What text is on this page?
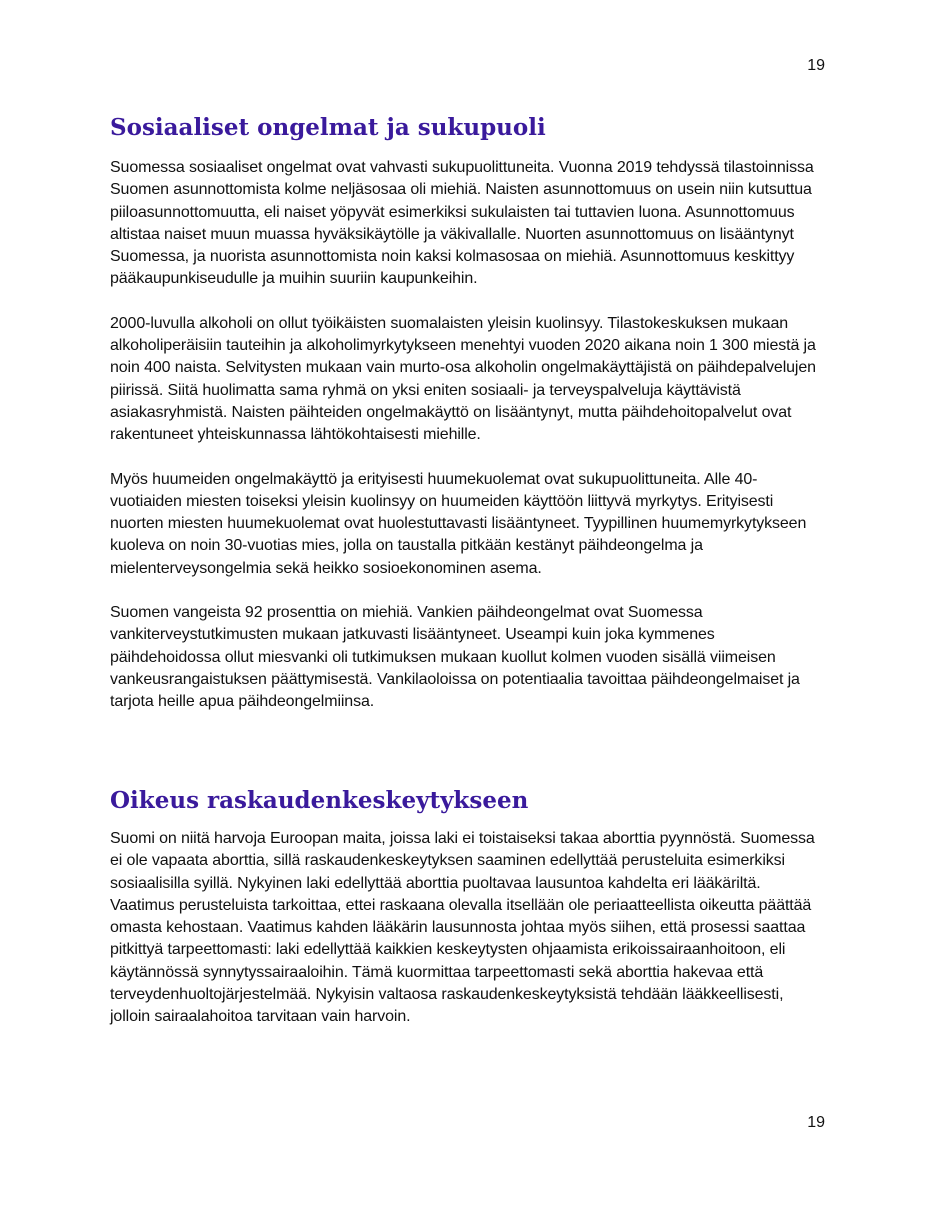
19
Sosiaaliset ongelmat ja sukupuoli

Suomessa sosiaaliset ongelmat ovat vahvasti sukupuolittuneita. Vuonna 2019 tehdyssä tilastoinnissa Suomen asunnottomista kolme neljäsosaa oli miehiä. Naisten asunnottomuus on usein niin kutsuttua piiloasunnottomuutta, eli naiset yöpyvät esimerkiksi sukulaisten tai tuttavien luona. Asunnottomuus altistaa naiset muun muassa hyväksikäytölle ja väkivallalle. Nuorten asunnottomuus on lisääntynyt Suomessa, ja nuorista asunnottomista noin kaksi kolmasosaa on miehiä. Asunnottomuus keskittyy pääkaupunkiseudulle ja muihin suuriin kaupunkeihin.

2000-luvulla alkoholi on ollut työikäisten suomalaisten yleisin kuolinsyy. Tilastokeskuksen mukaan alkoholiperäisiin tauteihin ja alkoholimyrkytykseen menehtyi vuoden 2020 aikana noin 1 300 miestä ja noin 400 naista. Selvitysten mukaan vain murto-osa alkoholin ongelmakäyttäjistä on päihdepalvelujen piirissä. Siitä huolimatta sama ryhmä on yksi eniten sosiaali- ja terveyspalveluja käyttävistä asiakasryhmistä. Naisten päihteiden ongelmakäyttö on lisääntynyt, mutta päihdehoitopalvelut ovat rakentuneet yhteiskunnassa lähtökohtaisesti miehille.

Myös huumeiden ongelmakäyttö ja erityisesti huumekuolemat ovat sukupuolittuneita. Alle 40-vuotiaiden miesten toiseksi yleisin kuolinsyy on huumeiden käyttöön liittyvä myrkytys. Erityisesti nuorten miesten huumekuolemat ovat huolestuttavasti lisääntyneet. Tyypillinen huumemyrkytykseen kuoleva on noin 30-vuotias mies, jolla on taustalla pitkään kestänyt päihdeongelma ja mielenterveysongelmia sekä heikko sosioekonominen asema.

Suomen vangeista 92 prosenttia on miehiä. Vankien päihdeongelmat ovat Suomessa vankiterveystutkimusten mukaan jatkuvasti lisääntyneet. Useampi kuin joka kymmenes päihdehoidossa ollut miesvanki oli tutkimuksen mukaan kuollut kolmen vuoden sisällä viimeisen vankeusrangaistuksen päättymisestä. Vankilaoloissa on potentiaalia tavoittaa päihdeongelmaiset ja tarjota heille apua päihdeongelmiinsa.

Oikeus raskaudenkeskeytykseen

Suomi on niitä harvoja Euroopan maita, joissa laki ei toistaiseksi takaa aborttia pyynnöstä. Suomessa ei ole vapaata aborttia, sillä raskaudenkeskeytyksen saaminen edellyttää perusteluita esimerkiksi sosiaalisilla syillä. Nykyinen laki edellyttää aborttia puoltavaa lausuntoa kahdelta eri lääkäriltä. Vaatimus perusteluista tarkoittaa, ettei raskaana olevalla itsellään ole periaatteellista oikeutta päättää omasta kehostaan. Vaatimus kahden lääkärin lausunnosta johtaa myös siihen, että prosessi saattaa pitkittyä tarpeettomasti: laki edellyttää kaikkien keskeytysten ohjaamista erikoissairaanhoitoon, eli käytännössä synnytyssairaaloihin. Tämä kuormittaa tarpeettomasti sekä aborttia hakevaa että terveydenhuoltojärjestelmää. Nykyisin valtaosa raskaudenkeskeytyksistä tehdään lääkkeellisesti, jolloin sairaalahoitoa tarvitaan vain harvoin.

19
